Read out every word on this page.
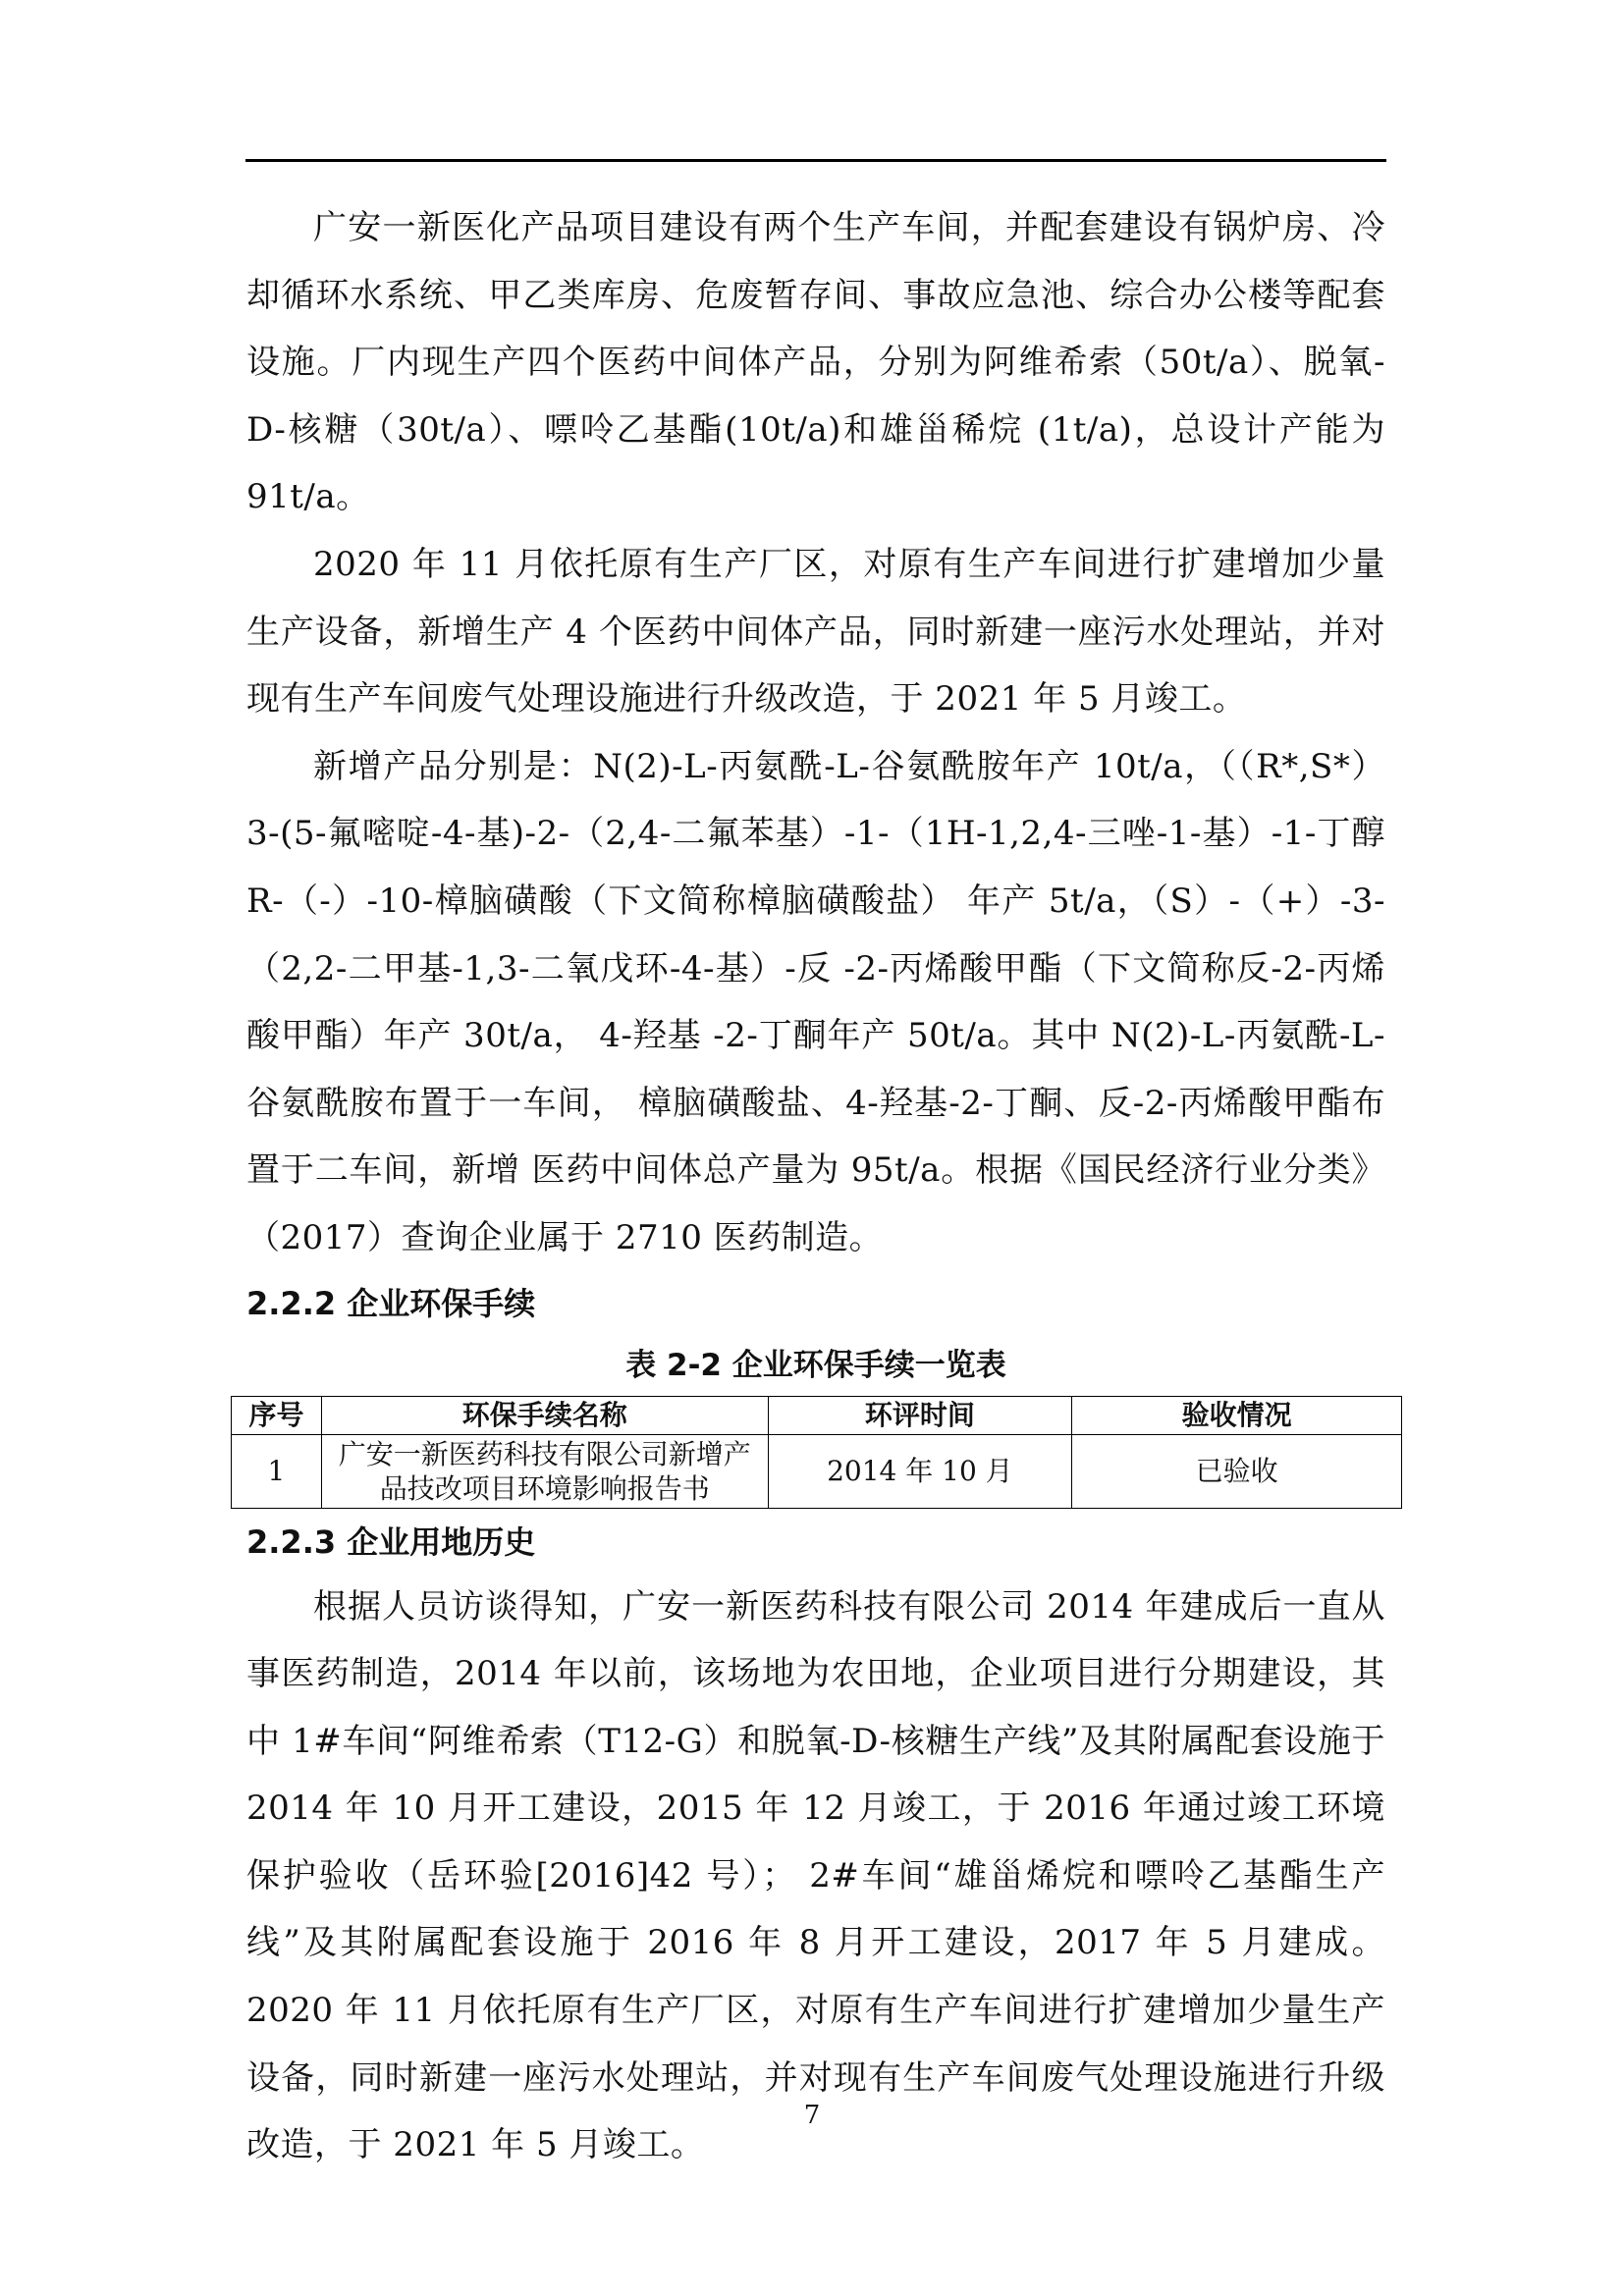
广安一新医化产品项目建设有两个生产车间，并配套建设有锅炉房、冷却循环水系统、甲乙类库房、危废暂存间、事故应急池、综合办公楼等配套设施。厂内现生产四个医药中间体产品，分别为阿维希索（50t/a）、脱氧-D-核糖（30t/a）、嘌呤乙基酯(10t/a)和雄甾稀烷 (1t/a)，总设计产能为 91t/a。

2020 年 11 月依托原有生产厂区，对原有生产车间进行扩建增加少量生产设备，新增生产 4 个医药中间体产品，同时新建一座污水处理站，并对现有生产车间废气处理设施进行升级改造，于 2021 年 5 月竣工。

新增产品分别是：N(2)-L-丙氨酰-L-谷氨酰胺年产 10t/a，（（R*,S*）3-(5-氟嘧啶-4-基)-2-（2,4-二氟苯基）-1-（1H-1,2,4-三唑-1-基）-1-丁醇 R-（-）-10-樟脑磺酸（下文简称樟脑磺酸盐） 年产 5t/a，（S）-（+）-3-（2,2-二甲基-1,3-二氧戊环-4-基）-反 -2-丙烯酸甲酯（下文简称反-2-丙烯酸甲酯）年产 30t/a， 4-羟基 -2-丁酮年产 50t/a。其中 N(2)-L-丙氨酰-L-谷氨酰胺布置于一车间， 樟脑磺酸盐、4-羟基-2-丁酮、反-2-丙烯酸甲酯布置于二车间，新增 医药中间体总产量为 95t/a。根据《国民经济行业分类》（2017）查询企业属于 2710 医药制造。

2.2.2 企业环保手续

表 2-2 企业环保手续一览表

序号	环保手续名称	环评时间	验收情况
1	广安一新医药科技有限公司新增产品技改项目环境影响报告书	2014 年 10 月	已验收

2.2.3 企业用地历史

根据人员访谈得知，广安一新医药科技有限公司 2014 年建成后一直从事医药制造，2014 年以前，该场地为农田地，企业项目进行分期建设，其中 1#车间“阿维希索（T12-G）和脱氧-D-核糖生产线”及其附属配套设施于 2014 年 10 月开工建设，2015 年 12 月竣工，于 2016 年通过竣工环境保护验收（岳环验[2016]42 号）； 2#车间“雄甾烯烷和嘌呤乙基酯生产线”及其附属配套设施于 2016 年 8 月开工建设，2017 年 5 月建成。2020 年 11 月依托原有生产厂区，对原有生产车间进行扩建增加少量生产设备，同时新建一座污水处理站，并对现有生产车间废气处理设施进行升级改造，于 2021 年 5 月竣工。

7
